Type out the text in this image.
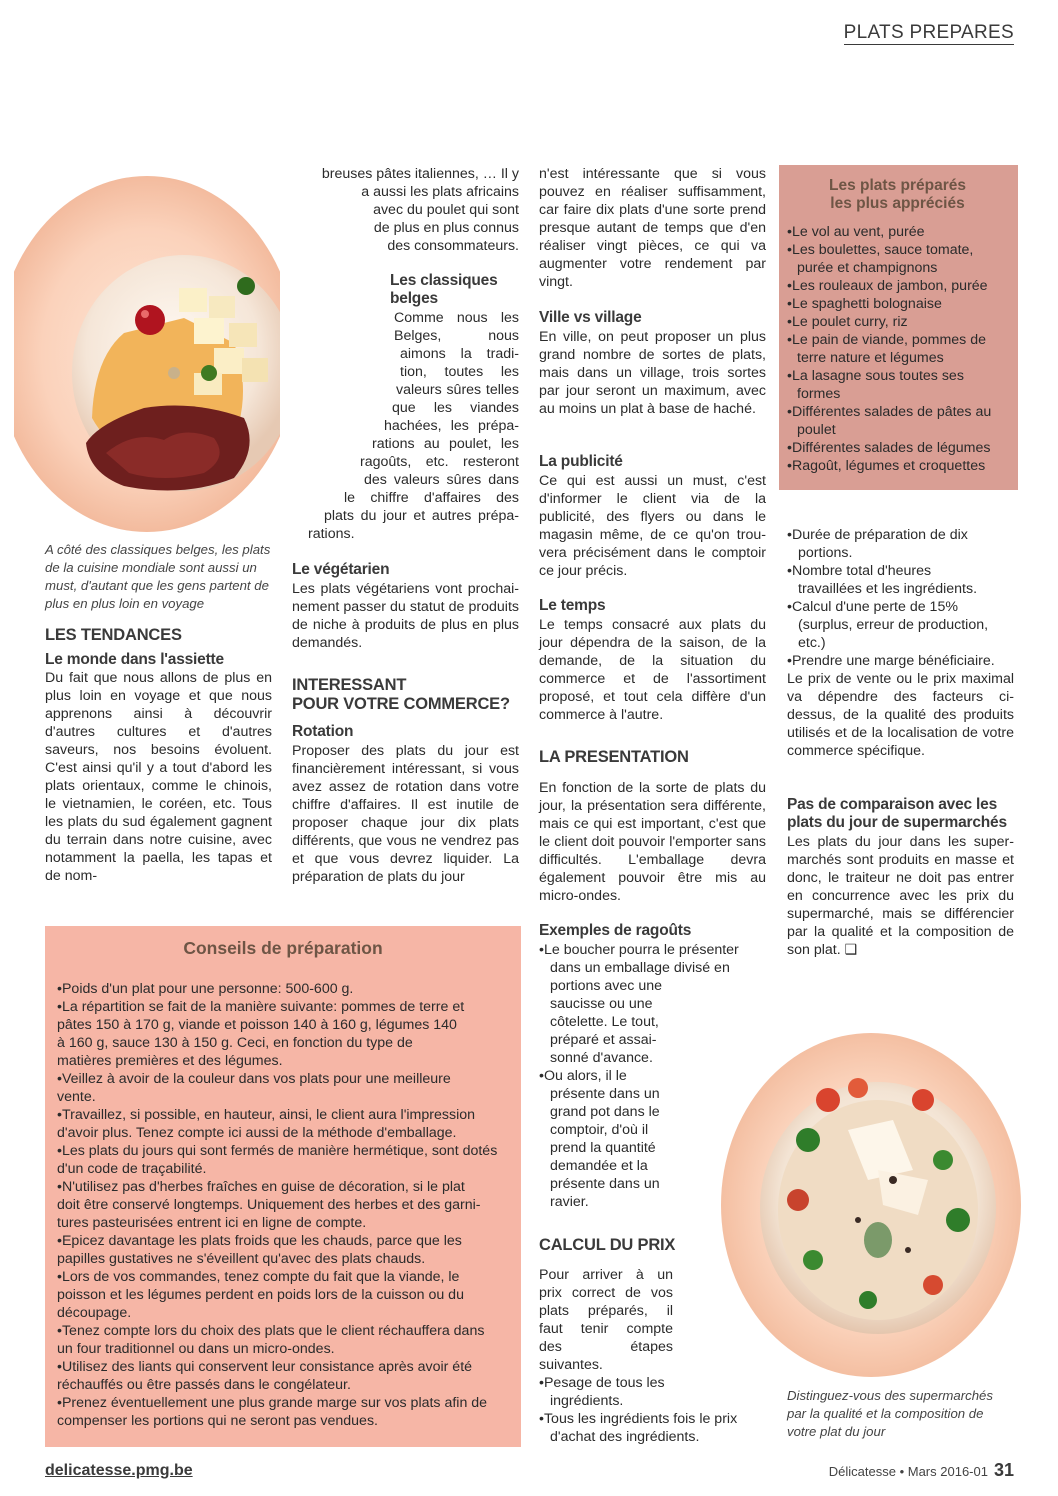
PLATS PREPARES
A côté des classiques belges, les plats de la cuisine mondiale sont aussi un must, d'autant que les gens partent de plus en plus loin en voyage
LES TENDANCES
Le monde dans l'assiette
Du fait que nous allons de plus en plus loin en voyage et que nous apprenons ainsi à découvrir d'autres cultures et d'autres saveurs, nos besoins évoluent. C'est ainsi qu'il y a tout d'abord les plats orientaux, comme le chinois, le vietnamien, le coréen, etc. Tous les plats du sud également gagnent du terrain dans notre cuisine, avec notamment la paella, les tapas et de nom-
breuses pâtes italiennes, … Il y
a aussi les plats africains
avec du poulet qui sont
de plus en plus connus
des consommateurs.
Les classiques
belges
Comme nous les
Belges, nous
aimons la tradi-
tion, toutes les
valeurs sûres telles
que les viandes
hachées, les prépa-
rations au poulet, les
ragoûts, etc. resteront
des valeurs sûres dans
le chiffre d'affaires des
plats du jour et autres prépa-
rations.
Le végétarien
Les plats végétariens vont prochainement passer du statut de produits de niche à produits de plus en plus demandés.
INTERESSANT
POUR VOTRE COMMERCE?
Rotation
Proposer des plats du jour est financièrement intéressant, si vous avez assez de rotation dans votre chiffre d'affaires. Il est inutile de proposer chaque jour dix plats différents, que vous ne vendrez pas et que vous devrez liquider. La préparation de plats du jour
n'est intéressante que si vous pouvez en réaliser suffisamment, car faire dix plats d'une sorte prend presque autant de temps que d'en réaliser vingt pièces, ce qui va augmenter votre rendement par vingt.
Ville vs village
En ville, on peut proposer un plus grand nombre de sortes de plats, mais dans un village, trois sortes par jour seront un maximum, avec au moins un plat à base de haché.
La publicité
Ce qui est aussi un must, c'est d'informer le client via de la publicité, des flyers ou dans le magasin même, de ce qu'on trouvera précisément dans le comptoir ce jour précis.
Le temps
Le temps consacré aux plats du jour dépendra de la saison, de la demande, de la situation du commerce et de l'assortiment proposé, et tout cela diffère d'un commerce à l'autre.
LA PRESENTATION
En fonction de la sorte de plats du jour, la présentation sera différente, mais ce qui est important, c'est que le client doit pouvoir l'emporter sans difficultés. L'emballage devra également pouvoir être mis au micro-ondes.
Exemples de ragoûts
•Le boucher pourra le présenter
dans un emballage divisé en
portions avec une
saucisse ou une
côtelette. Le tout,
préparé et assai-
sonné d'avance.
•Ou alors, il le
présente dans un
grand pot dans le
comptoir, d'où il
prend la quantité
demandée et la
présente dans un
ravier.
CALCUL DU PRIX
Pour arriver à un
prix correct de vos
plats préparés, il
faut tenir compte
des étapes
suivantes.
•Pesage de tous les
ingrédients.
•Tous les ingrédients fois le prix
d'achat des ingrédients.
Les plats préparés
les plus appréciés
•Le vol au vent, purée
•Les boulettes, sauce tomate,
purée et champignons
•Les rouleaux de jambon, purée
•Le spaghetti bolognaise
•Le poulet curry, riz
•Le pain de viande, pommes de
terre nature et légumes
•La lasagne sous toutes ses
formes
•Différentes salades de pâtes au
poulet
•Différentes salades de légumes
•Ragoût, légumes et croquettes
•Durée de préparation de dix
portions.
•Nombre total d'heures
travaillées et les ingrédients.
•Calcul d'une perte de 15%
(surplus, erreur de production,
etc.)
•Prendre une marge bénéficiaire.
Le prix de vente ou le prix maximal va dépendre des facteurs ci-dessus, de la qualité des produits utilisés et de la localisation de votre commerce spécifique.
Pas de comparaison avec les
plats du jour de supermarchés
Les plats du jour dans les supermarchés sont produits en masse et donc, le traiteur ne doit pas entrer en concurrence avec les prix du supermarché, mais se différencier par la qualité et la composition de son plat. ❑
Distinguez-vous des supermarchés par la qualité et la composition de votre plat du jour
Conseils de préparation
•Poids d'un plat pour une personne: 500-600 g.
•La répartition se fait de la manière suivante: pommes de terre et
pâtes 150 à 170 g, viande et poisson 140 à 160 g, légumes 140
à 160 g, sauce 130 à 150 g. Ceci, en fonction du type de
matières premières et des légumes.
•Veillez à avoir de la couleur dans vos plats pour une meilleure
vente.
•Travaillez, si possible, en hauteur, ainsi, le client aura l'impression
d'avoir plus. Tenez compte ici aussi de la méthode d'emballage.
•Les plats du jours qui sont fermés de manière hermétique, sont dotés
d'un code de traçabilité.
•N'utilisez pas d'herbes fraîches en guise de décoration, si le plat
doit être conservé longtemps. Uniquement des herbes et des garni-
tures pasteurisées entrent ici en ligne de compte.
•Epicez davantage les plats froids que les chauds, parce que les
papilles gustatives ne s'éveillent qu'avec des plats chauds.
•Lors de vos commandes, tenez compte du fait que la viande, le
poisson et les légumes perdent en poids lors de la cuisson ou du
découpage.
•Tenez compte lors du choix des plats que le client réchauffera dans
un four traditionnel ou dans un micro-ondes.
•Utilisez des liants qui conservent leur consistance après avoir été
réchauffés ou être passés dans le congélateur.
•Prenez éventuellement une plus grande marge sur vos plats afin de
compenser les portions qui ne seront pas vendues.
delicatesse.pmg.be	Délicatesse • Mars 2016-01 31
